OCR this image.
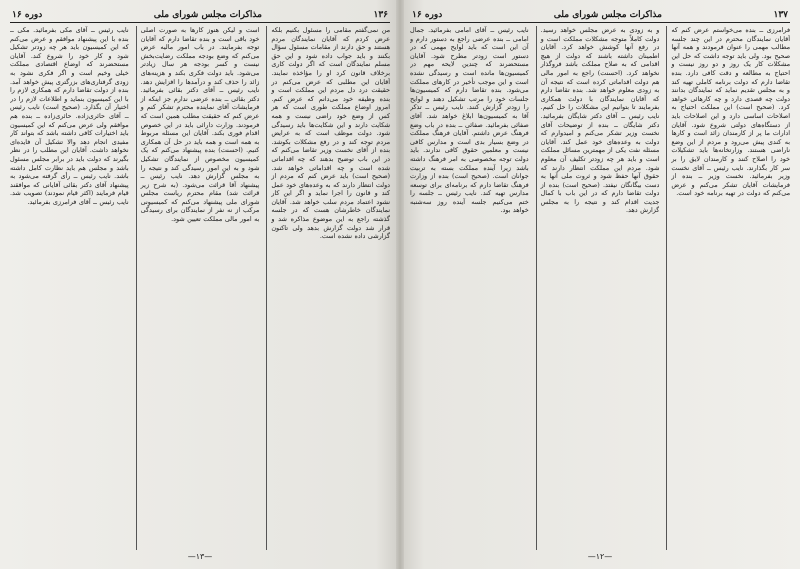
۱۳۶
مذاکرات مجلس شورای ملی
دوره ۱۶
من نمی‌گفتم مقامی را مسئول بکنیم بلکه عرض کردم که آقایان نمایندگان مردم هستند و حق دارند از مقامات مسئول سؤال بکنند و باید جواب داده شود و این حق مسلم نمایندگان است که اگر دولت کاری برخلاف قانون کرد او را مؤاخذه نمایند. آقایان این مطلبی که عرض می‌کنم در حقیقت درد دل مردم این مملکت است و بنده وظیفه خود می‌دانم که عرض کنم. امروز اوضاع مملکت طوری است که هر کس از وضع خود راضی نیست و همه شکایت دارند و این شکایت‌ها باید رسیدگی شود. دولت موظف است که به عرایض مردم توجه کند و در رفع مشکلات بکوشد. بنده از آقای نخست وزیر تقاضا می‌کنم که در این باب توضیح بدهند که چه اقداماتی شده است و چه اقداماتی خواهد شد. (صحیح است) باید عرض کنم که مردم از دولت انتظار دارند که به وعده‌های خود عمل کند و قانون را اجرا نماید و اگر این کار نشود اعتماد مردم سلب خواهد شد. آقایان نمایندگان خاطرشان هست که در جلسه گذشته راجع به این موضوع مذاکره شد و قرار شد دولت گزارش بدهد ولی تاکنون گزارشی داده نشده است.
است و لیکن هنوز کارها به صورت اصلی خود باقی است و بنده تقاضا دارم که آقایان توجه بفرمایند. در باب امور مالیه عرض می‌کنم که وضع بودجه مملکت رضایت‌بخش نیست و کسر بودجه هر سال زیادتر می‌شود. باید دولت فکری بکند و هزینه‌های زائد را حذف کند و درآمدها را افزایش دهد. نایب رئیس ــ آقای دکتر بقائی بفرمائید. دکتر بقائی ــ بنده عرضی ندارم جز اینکه از فرمایشات آقای نماینده محترم تشکر کنم و عرض کنم که حقیقت مطلب همین است که فرمودند. وزارت دارائی باید در این خصوص اقدام فوری بکند. آقایان این مسئله مربوط به همه است و همه باید در حل آن همکاری کنیم. (احسنت) بنده پیشنهاد می‌کنم که یک کمیسیون مخصوص از نمایندگان تشکیل شود و به این امور رسیدگی کند و نتیجه را به مجلس گزارش دهد. نایب رئیس ــ پیشنهاد آقا قرائت می‌شود. (به شرح زیر قرائت شد) مقام محترم ریاست مجلس شورای ملی پیشنهاد می‌کنم که کمیسیونی مرکب از نه نفر از نمایندگان برای رسیدگی به امور مالی مملکت تعیین شود.
نایب رئیس ــ آقای مکی بفرمائید. مکی ــ بنده با این پیشنهاد موافقم و عرض می‌کنم که این کمیسیون باید هر چه زودتر تشکیل شود و کار خود را شروع کند. آقایان مستحضرند که اوضاع اقتصادی مملکت خیلی وخیم است و اگر فکری نشود به زودی گرفتاری‌های بزرگتری پیش خواهد آمد. بنده از دولت تقاضا دارم که همکاری لازم را با این کمیسیون بنماید و اطلاعات لازم را در اختیار آن بگذارد. (صحیح است) نایب رئیس ــ آقای حائری‌زاده. حائری‌زاده ــ بنده هم موافقم ولی عرض می‌کنم که این کمیسیون باید اختیارات کافی داشته باشد که بتواند کار مفیدی انجام دهد والا تشکیل آن فایده‌ای نخواهد داشت. آقایان این مطلب را در نظر بگیرند که دولت باید در برابر مجلس مسئول باشد و مجلس هم باید نظارت کامل داشته باشد. نایب رئیس ــ رأی گرفته می‌شود به پیشنهاد آقای دکتر بقائی آقایانی که موافقند قیام فرمایند (اکثر قیام نمودند) تصویب شد. نایب رئیس ــ آقای فرامرزی بفرمائید.
—۱۳—
۱۳۷
مذاکرات مجلس شورای ملی
دوره ۱۶
فرامرزی ــ بنده می‌خواستم عرض کنم که آقایان نمایندگان محترم در این چند جلسه مطالب مهمی را عنوان فرمودند و همه آنها صحیح بود. ولی باید توجه داشت که حل این مشکلات کار یک روز و دو روز نیست و احتیاج به مطالعه و دقت کافی دارد. بنده تقاضا دارم که دولت برنامه کاملی تهیه کند و به مجلس تقدیم نماید که نمایندگان بدانند دولت چه قصدی دارد و چه کارهائی خواهد کرد. (صحیح است) این مملکت احتیاج به اصلاحات اساسی دارد و این اصلاحات باید از دستگاه‌های دولتی شروع شود. آقایان ادارات ما پر از کارمندان زائد است و کارها به کندی پیش می‌رود و مردم از این وضع ناراضی هستند. وزارتخانه‌ها باید تشکیلات خود را اصلاح کنند و کارمندان لایق را بر سر کار بگذارند. نایب رئیس ــ آقای نخست وزیر بفرمائید. نخست وزیر ــ بنده از فرمایشات آقایان تشکر می‌کنم و عرض می‌کنم که دولت در تهیه برنامه خود است.
و به زودی به عرض مجلس خواهد رسید. دولت کاملاً متوجه مشکلات مملکت است و در رفع آنها کوشش خواهد کرد. آقایان اطمینان داشته باشند که دولت از هیچ اقدامی که به صلاح مملکت باشد فروگذار نخواهد کرد. (احسنت) راجع به امور مالی هم دولت اقداماتی کرده است که نتیجه آن به زودی معلوم خواهد شد. بنده تقاضا دارم که آقایان نمایندگان با دولت همکاری بفرمایند تا بتوانیم این مشکلات را حل کنیم. نایب رئیس ــ آقای دکتر شایگان بفرمائید. دکتر شایگان ــ بنده از توضیحات آقای نخست وزیر تشکر می‌کنم و امیدوارم که دولت به وعده‌های خود عمل کند. آقایان مسئله نفت یکی از مهمترین مسائل مملکت است و باید هر چه زودتر تکلیف آن معلوم شود. مردم این مملکت انتظار دارند که حقوق آنها حفظ شود و ثروت ملی آنها به دست بیگانگان نیفتد. (صحیح است) بنده از دولت تقاضا دارم که در این باب با کمال جدیت اقدام کند و نتیجه را به مجلس گزارش دهد.
نایب رئیس ــ آقای امامی بفرمائید. جمال امامی ــ بنده عرضی راجع به دستور دارم و آن این است که باید لوایح مهمی که در دستور است زودتر مطرح شود. آقایان مستحضرند که چندین لایحه مهم در کمیسیون‌ها مانده است و رسیدگی نشده است و این موجب تأخیر در کارهای مملکت می‌شود. بنده تقاضا دارم که کمیسیون‌ها جلسات خود را مرتب تشکیل دهند و لوایح را زودتر گزارش کنند. نایب رئیس ــ تذکر آقا به کمیسیون‌ها ابلاغ خواهد شد. آقای صفائی بفرمائید. صفائی ــ بنده در باب وضع فرهنگ عرض داشتم. آقایان فرهنگ مملکت در وضع بسیار بدی است و مدارس کافی نیست و معلمین حقوق کافی ندارند. باید دولت توجه مخصوصی به امر فرهنگ داشته باشد زیرا آینده مملکت بسته به تربیت جوانان است. (صحیح است) بنده از وزارت فرهنگ تقاضا دارم که برنامه‌ای برای توسعه مدارس تهیه کند. نایب رئیس ــ جلسه را ختم می‌کنیم جلسه آینده روز سه‌شنبه خواهد بود.
—۱۲—
